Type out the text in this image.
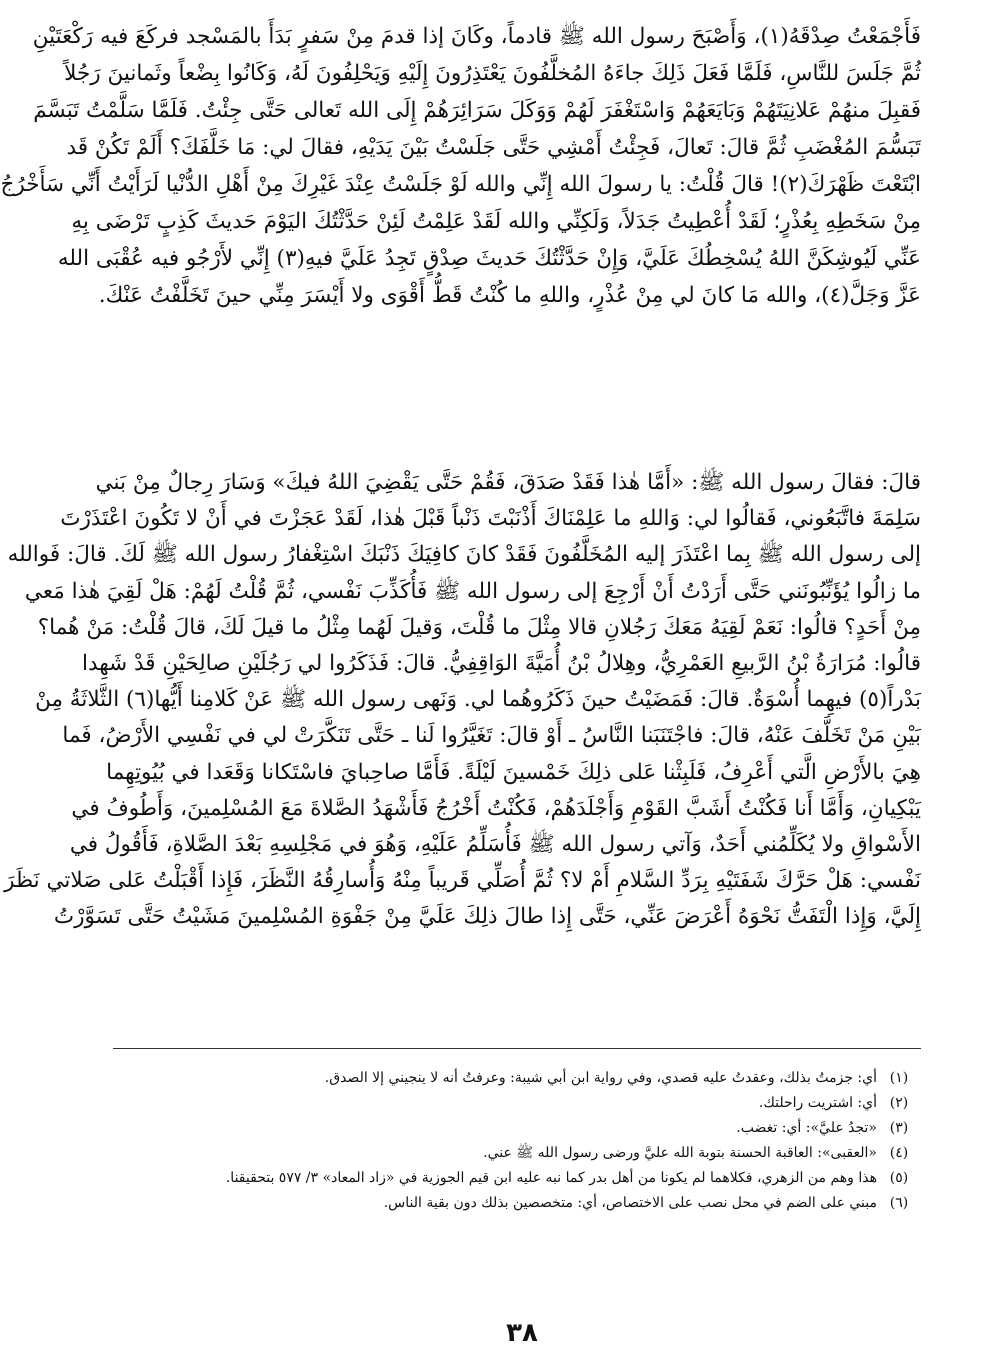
فَأَجْمَعْتُ صِدْقَهُ(١)، وَأَصْبَحَ رسول الله ﷺ قادماً، وكَانَ إذا قدمَ مِنْ سَفرٍ بَدَأَ بالمَسْجد فركَعَ فيه رَكْعَتَيْنِ
ثُمَّ جَلَسَ للنَّاسِ، فَلَمَّا فَعَلَ ذَلِكَ جاءَهُ المُخلَّفُونَ يَعْتَذِرُونَ إِلَيْهِ وَيَحْلِفُونَ لَهُ، وَكَانُوا بِضْعاً وثَمانينَ رَجُلاً
فَقبِلَ منهُمْ عَلانِيَتَهُمْ وَبَايَعَهُمْ وَاسْتَغْفَرَ لَهُمْ وَوَكَلَ سَرَائِرَهُمْ إِلَى الله تَعالى حَتَّى جِئْتُ. فَلَمَّا سَلَّمْتُ تَبَسَّمَ
تَبَسُّمَ المُغْضَبِ ثُمَّ قالَ: تَعالَ، فَجِئْتُ أَمْشِي حَتَّى جَلَسْتُ بَيْنَ يَدَيْهِ، فقالَ لي: مَا خَلَّفَكَ؟ أَلَمْ تَكُنْ قَد
ابْتَعْتَ ظَهْرَكَ(٢)! قالَ قُلْتُ: يا رسولَ الله إِنِّي والله لَوْ جَلَسْتُ عِنْدَ غَيْرِكَ مِنْ أَهْلِ الدُّنْيا لَرَأَيْتُ أَنِّي سَأَخْرُجُ
مِنْ سَخَطِهِ بِعُذْرٍ؛ لَقَدْ أُعْطِيتُ جَدَلاً، وَلَكِنِّي والله لَقَدْ عَلِمْتُ لَئِنْ حَدَّثْتُكَ اليَوْمَ حَديثَ كَذِبٍ تَرْضَى بِهِ
عَنِّي لَيُوشِكَنَّ اللهُ يُسْخِطُكَ عَلَيَّ، وَإِنْ حَدَّثْتُكَ حَديثَ صِدْقٍ تَجِدُ عَلَيَّ فيهِ(٣) إِنِّي لأَرْجُو فيه عُقْبَى الله
عَزَّ وَجَلَّ(٤)، والله مَا كانَ لي مِنْ عُذْرٍ، واللهِ ما كُنْتُ قَطُّ أَقْوَى ولا أَيْسَرَ مِنِّي حينَ تَخَلَّفْتُ عَنْكَ.
قالَ: فقالَ رسول الله ﷺ: «أَمَّا هٰذا فَقَدْ صَدَقَ، فَقُمْ حَتَّى يَقْضِيَ اللهُ فيكَ» وَسَارَ رِجالٌ مِنْ بَني
سَلِمَةَ فاتَّبَعُوني، فَقالُوا لي: وَاللهِ ما عَلِمْنَاكَ أَذْنَبْتَ ذَنْباً قَبْلَ هٰذا، لَقَدْ عَجَزْتَ في أَنْ لا تَكُونَ اعْتَذَرْتَ
إلى رسول الله ﷺ بِما اعْتَذَرَ إليه المُخَلَّفُونَ فَقَدْ كانَ كافِيَكَ ذَنْبَكَ اسْتِغْفارُ رسول الله ﷺ لَكَ. قالَ: فَوالله
ما زالُوا يُؤَنِّبُونَني حَتَّى أَرَدْتُ أَنْ أَرْجِعَ إلى رسول الله ﷺ فَأُكَذِّبَ نَفْسي، ثُمَّ قُلْتُ لَهُمْ: هَلْ لَقِيَ هٰذا مَعي
مِنْ أَحَدٍ؟ قالُوا: نَعَمْ لَقِيَهُ مَعَكَ رَجُلانِ قالا مِثْلَ ما قُلْتَ، وَقيلَ لَهُما مِثْلُ ما قيلَ لَكَ، قالَ قُلْتُ: مَنْ هُما؟
قالُوا: مُرَارَةُ بْنُ الرَّبيعِ العَمْرِيُّ، وهِلالُ بْنُ أُمَيَّةَ الوَاقِفِيُّ. قالَ: فَذَكَرُوا لي رَجُلَيْنِ صالِحَيْنِ قَدْ شَهِدا
بَدْراً(٥) فيهِما أُسْوَةٌ. قالَ: فَمَضَيْتُ حينَ ذَكَرُوهُما لي. وَنَهى رسول الله ﷺ عَنْ كَلامِنا أَيُّها(٦) الثَّلاثَةُ مِنْ
بَيْنِ مَنْ تَخَلَّفَ عَنْهُ، قالَ: فاجْتَنَبَنا النَّاسُ ـ أَوْ قالَ: تَغَيَّرُوا لَنا ـ حَتَّى تَنَكَّرَتْ لي في نَفْسِي الأَرْضُ، فَما
هِيَ بالأَرْضِ الَّتي أَعْرِفُ، فَلَبِثْنا عَلى ذلِكَ خَمْسينَ لَيْلَةً. فَأَمَّا صاحِبايَ فاسْتَكانا وَقَعَدا في بُيُوتِهِما
يَبْكِيانِ، وَأَمَّا أَنا فَكُنْتُ أَشَبَّ القَوْمِ وَأَجْلَدَهُمْ، فَكُنْتُ أَخْرُجُ فَأَشْهَدُ الصَّلاةَ مَعَ المُسْلِمينَ، وَأَطُوفُ في
الأَسْواقِ ولا يُكَلِّمُني أَحَدٌ، وَآتي رسول الله ﷺ فَأُسَلِّمُ عَلَيْهِ، وَهُوَ في مَجْلِسِهِ بَعْدَ الصَّلاةِ، فَأَقُولُ في
نَفْسي: هَلْ حَرَّكَ شَفَتَيْهِ بِرَدِّ السَّلامِ أَمْ لا؟ ثُمَّ أُصَلِّي قَريباً مِنْهُ وَأُسارِقُهُ النَّظَرَ، فَإِذا أَقْبَلْتُ عَلى صَلاتي نَظَرَ
إِلَيَّ، وَإِذا الْتَفَتُّ نَحْوَهُ أَعْرَضَ عَنِّي، حَتَّى إِذا طالَ ذلِكَ عَلَيَّ مِنْ جَفْوَةِ المُسْلِمينَ مَشَيْتُ حَتَّى تَسَوَّرْتُ
(١)
أي: جزمتُ بذلك، وعقدتُ عليه قصدي، وفي رواية ابن أبي شيبة: وعرفتُ أنه لا ينجيني إلا الصدق.
(٢)
أي: اشتريت راحلتك.
(٣)
«تجدُ عليَّ»: أي: تغضب.
(٤)
«العقبى»: العاقبة الحسنة بتوبة الله عليَّ ورضى رسول الله ﷺ عني.
(٥)
هذا وهم من الزهري، فكلاهما لم يكونا من أهل بدر كما نبه عليه ابن قيم الجوزية في «زاد المعاد» ٣/ ٥٧٧ بتحقيقنا.
(٦)
مبني على الضم في محل نصب على الاختصاص، أي: متخصصين بذلك دون بقية الناس.
٣٨
